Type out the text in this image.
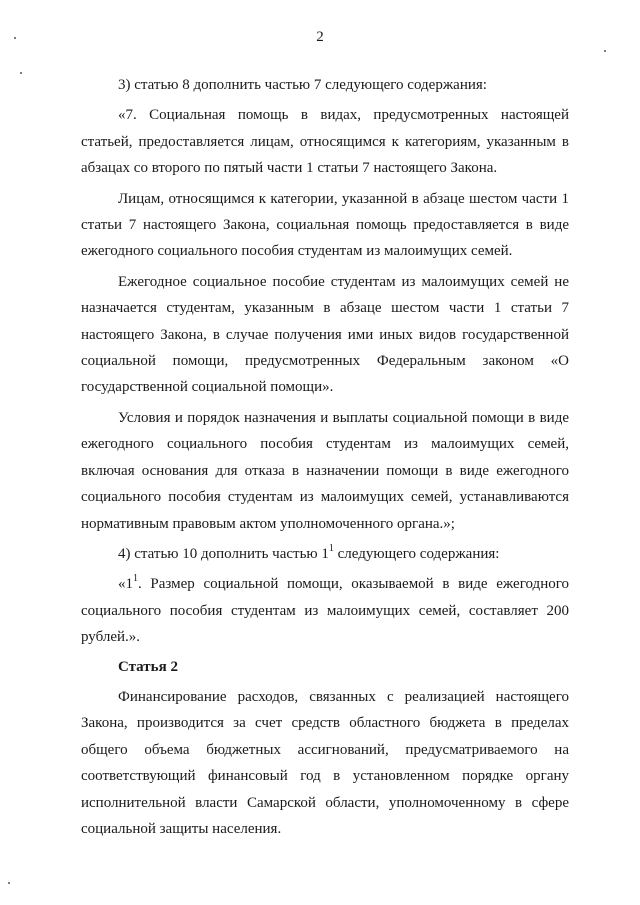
2

3) статью 8 дополнить частью 7 следующего содержания:

«7. Социальная помощь в видах, предусмотренных настоящей статьей, предоставляется лицам, относящимся к категориям, указанным в абзацах со второго по пятый части 1 статьи 7 настоящего Закона.

Лицам, относящимся к категории, указанной в абзаце шестом части 1 статьи 7 настоящего Закона, социальная помощь предоставляется в виде ежегодного социального пособия студентам из малоимущих семей.

Ежегодное социальное пособие студентам из малоимущих семей не назначается студентам, указанным в абзаце шестом части 1 статьи 7 настоящего Закона, в случае получения ими иных видов государственной социальной помощи, предусмотренных Федеральным законом «О государственной социальной помощи».

Условия и порядок назначения и выплаты социальной помощи в виде ежегодного социального пособия студентам из малоимущих семей, включая основания для отказа в назначении помощи в виде ежегодного социального пособия студентам из малоимущих семей, устанавливаются нормативным правовым актом уполномоченного органа.»;

4) статью 10 дополнить частью $1^1$ следующего содержания:

«$1^1$. Размер социальной помощи, оказываемой в виде ежегодного социального пособия студентам из малоимущих семей, составляет 200 рублей.».

Статья 2

Финансирование расходов, связанных с реализацией настоящего Закона, производится за счет средств областного бюджета в пределах общего объема бюджетных ассигнований, предусматриваемого на соответствующий финансовый год в установленном порядке органу исполнительной власти Самарской области, уполномоченному в сфере социальной защиты населения.
